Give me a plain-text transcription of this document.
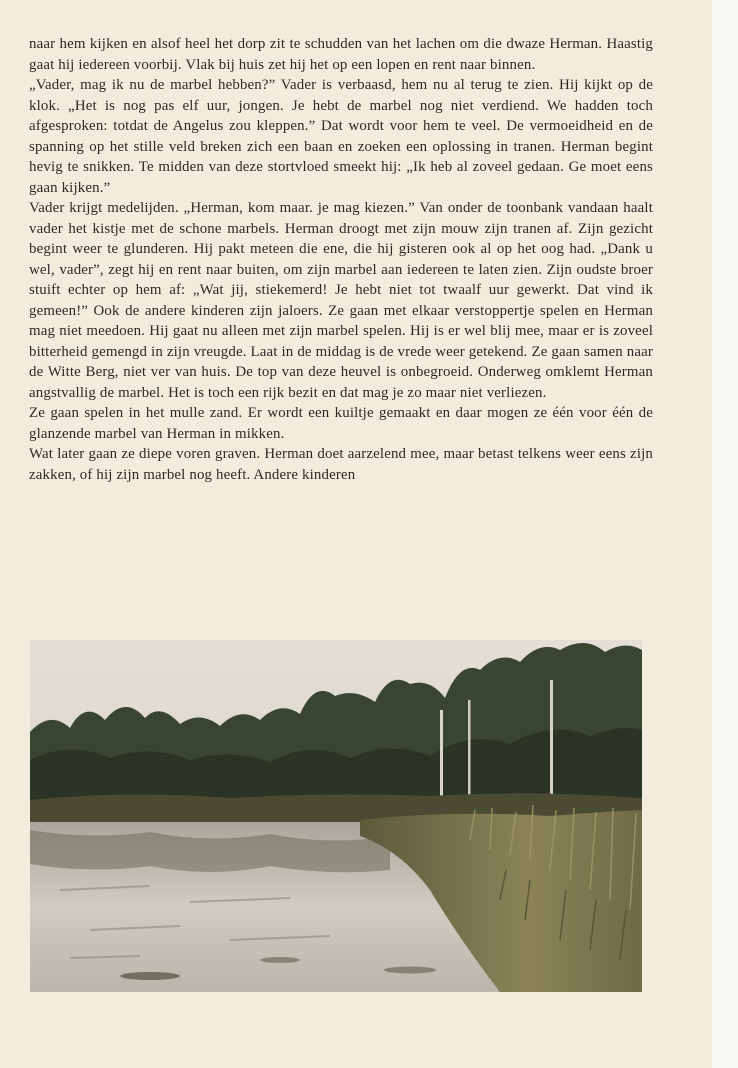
naar hem kijken en alsof heel het dorp zit te schudden van het lachen om die dwaze Herman. Haastig gaat hij iedereen voorbij. Vlak bij huis zet hij het op een lopen en rent naar binnen.

„Vader, mag ik nu de marbel hebben?” Vader is verbaasd, hem nu al terug te zien. Hij kijkt op de klok. „Het is nog pas elf uur, jongen. Je hebt de marbel nog niet verdiend. We hadden toch afgesproken: totdat de Angelus zou kleppen.” Dat wordt voor hem te veel. De vermoeidheid en de spanning op het stille veld breken zich een baan en zoeken een oplossing in tranen. Herman begint hevig te snikken. Te midden van deze stortvloed smeekt hij: „Ik heb al zoveel gedaan. Ge moet eens gaan kijken.”

Vader krijgt medelijden. „Herman, kom maar. je mag kiezen.” Van onder de toonbank vandaan haalt vader het kistje met de schone marbels. Herman droogt met zijn mouw zijn tranen af. Zijn gezicht begint weer te glunderen. Hij pakt meteen die ene, die hij gisteren ook al op het oog had. „Dank u wel, vader”, zegt hij en rent naar buiten, om zijn marbel aan iedereen te laten zien. Zijn oudste broer stuift echter op hem af: „Wat jij, stiekemerd! Je hebt niet tot twaalf uur gewerkt. Dat vind ik gemeen!” Ook de andere kinderen zijn jaloers. Ze gaan met elkaar verstoppertje spelen en Herman mag niet meedoen. Hij gaat nu alleen met zijn marbel spelen. Hij is er wel blij mee, maar er is zoveel bitterheid gemengd in zijn vreugde. Laat in de middag is de vrede weer getekend. Ze gaan samen naar de Witte Berg, niet ver van huis. De top van deze heuvel is onbegroeid. Onderweg omklemt Herman angstvallig de marbel. Het is toch een rijk bezit en dat mag je zo maar niet verliezen.

Ze gaan spelen in het mulle zand. Er wordt een kuiltje gemaakt en daar mogen ze één voor één de glanzende marbel van Herman in mikken.

Wat later gaan ze diepe voren graven. Herman doet aarzelend mee, maar betast telkens weer eens zijn zakken, of hij zijn marbel nog heeft. Andere kinderen
